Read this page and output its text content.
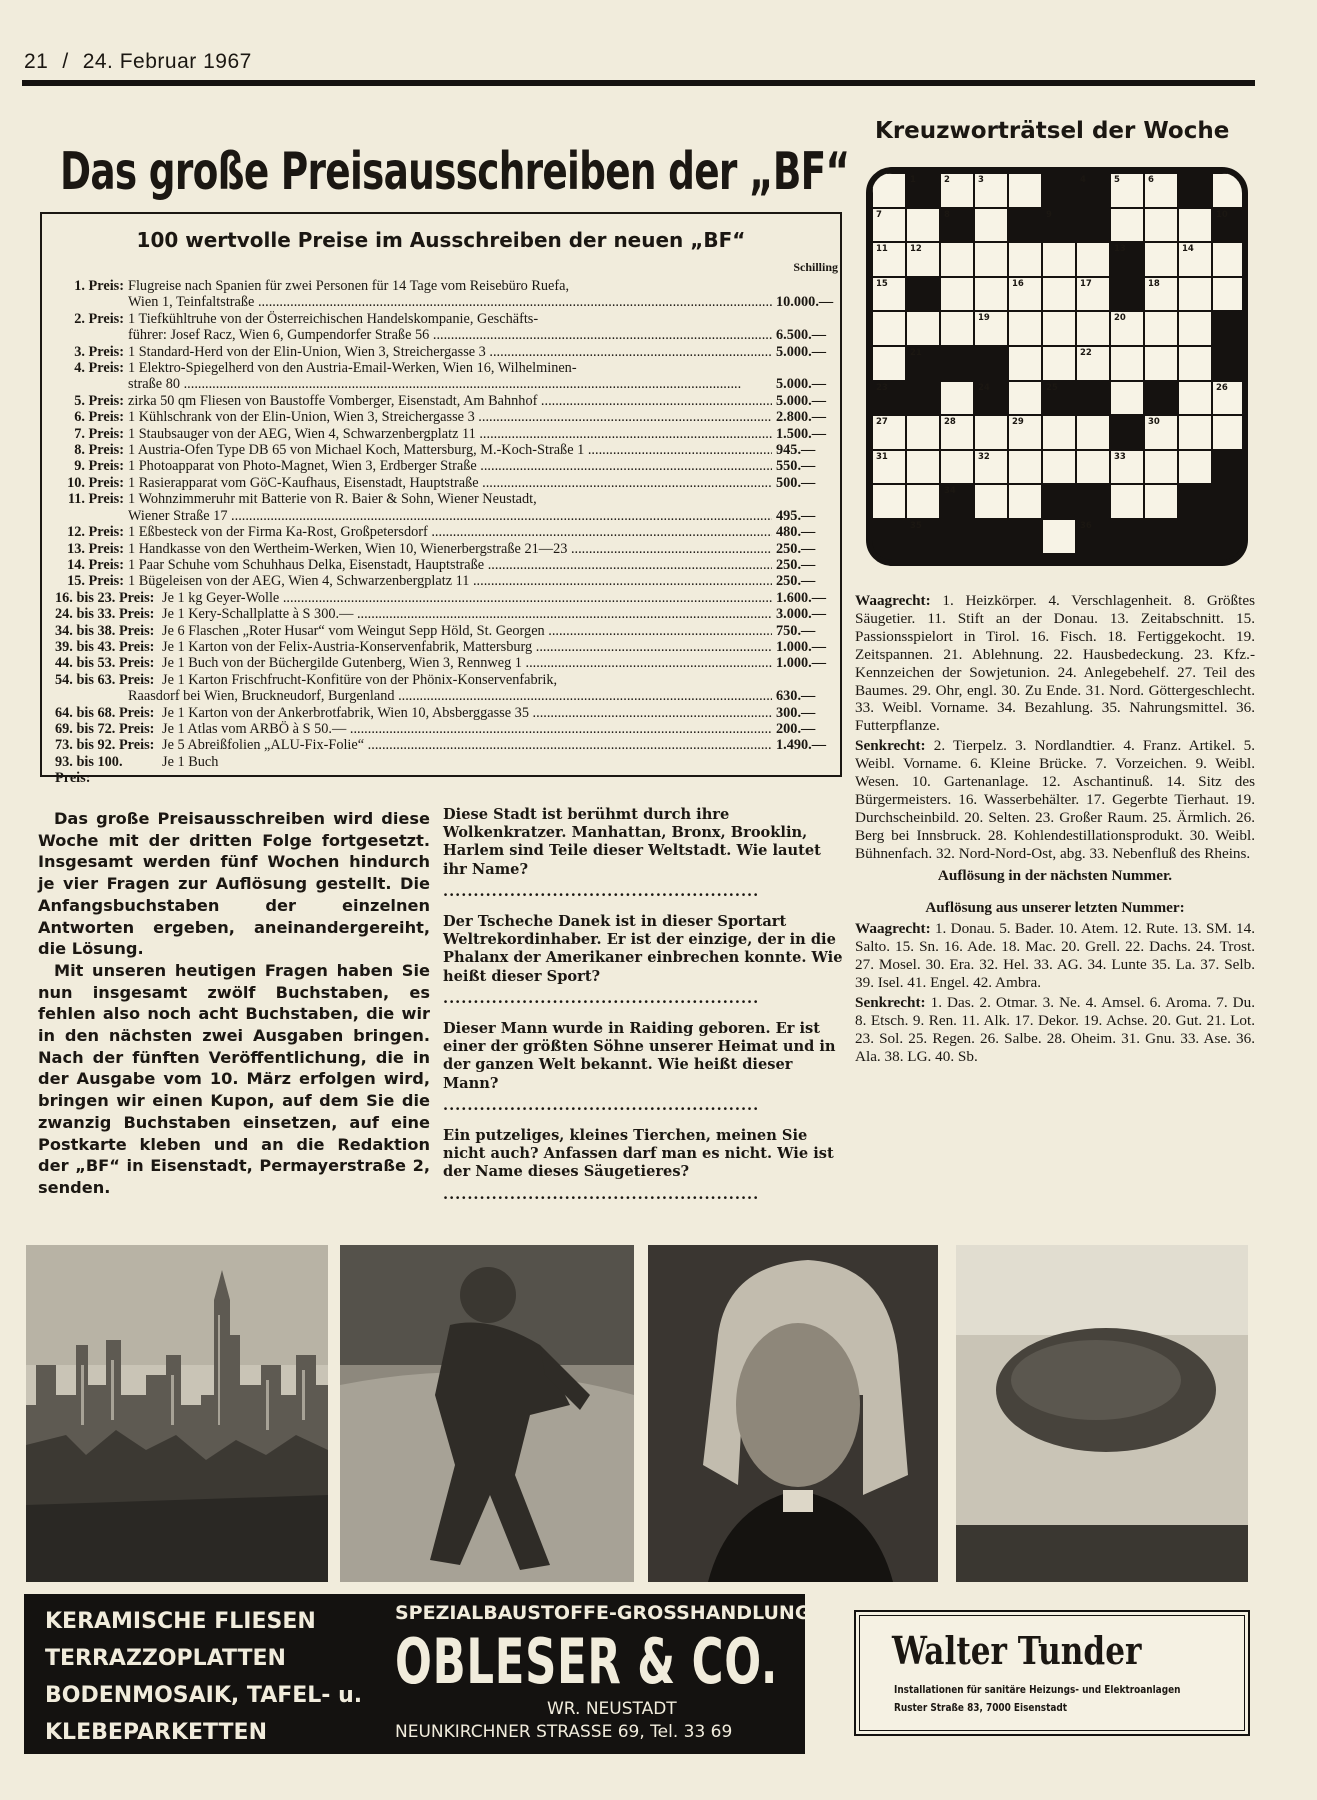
21 / 24. Februar 1967
Das große Preisausschreiben der „BF“
Kreuzworträtsel der Woche
100 wertvolle Preise im Ausschreiben der neuen „BF“
Schilling
1. Preis: Flugreise nach Spanien für zwei Personen für 14 Tage vom Reisebüro Ruefa,
Wien 1, Teinfaltstraße .....	10.000.—
2. Preis: 1 Tiefkühltruhe von der Österreichischen Handelskompanie, Geschäfts-
führer: Josef Racz, Wien 6, Gumpendorfer Straße 56 .....	6.500.—
3. Preis: 1 Standard-Herd von der Elin-Union, Wien 3, Streichergasse 3 .....	5.000.—
4. Preis: 1 Elektro-Spiegelherd von den Austria-Email-Werken, Wien 16, Wilhelminen-
straße 80 .....	5.000.—
5. Preis: zirka 50 qm Fliesen von Baustoffe Vomberger, Eisenstadt, Am Bahnhof .....	5.000.—
6. Preis: 1 Kühlschrank von der Elin-Union, Wien 3, Streichergasse 3 .....	2.800.—
7. Preis: 1 Staubsauger von der AEG, Wien 4, Schwarzenbergplatz 11 .....	1.500.—
8. Preis: 1 Austria-Ofen Type DB 65 von Michael Koch, Mattersburg, M.-Koch-Straße 1 .....	945.—
9. Preis: 1 Photoapparat von Photo-Magnet, Wien 3, Erdberger Straße .....	550.—
10. Preis: 1 Rasierapparat vom GöC-Kaufhaus, Eisenstadt, Hauptstraße .....	500.—
11. Preis: 1 Wohnzimmeruhr mit Batterie von R. Baier & Sohn, Wiener Neustadt,
Wiener Straße 17 .....	495.—
12. Preis: 1 Eßbesteck von der Firma Ka-Rost, Großpetersdorf .....	480.—
13. Preis: 1 Handkasse von den Wertheim-Werken, Wien 10, Wienerbergstraße 21—23 .....	250.—
14. Preis: 1 Paar Schuhe vom Schuhhaus Delka, Eisenstadt, Hauptstraße .....	250.—
15. Preis: 1 Bügeleisen von der AEG, Wien 4, Schwarzenbergplatz 11 .....	250.—
16. bis 23. Preis: Je 1 kg Geyer-Wolle .....	1.600.—
24. bis 33. Preis: Je 1 Kery-Schallplatte à S 300.— .....	3.000.—
34. bis 38. Preis: Je 6 Flaschen „Roter Husar“ vom Weingut Sepp Höld, St. Georgen .....	750.—
39. bis 43. Preis: Je 1 Karton von der Felix-Austria-Konservenfabrik, Mattersburg .....	1.000.—
44. bis 53. Preis: Je 1 Buch von der Büchergilde Gutenberg, Wien 3, Rennweg 1 .....	1.000.—
54. bis 63. Preis: Je 1 Karton Frischfrucht-Konfitüre von der Phönix-Konservenfabrik,
Raasdorf bei Wien, Bruckneudorf, Burgenland .....	630.—
64. bis 68. Preis: Je 1 Karton von der Ankerbrotfabrik, Wien 10, Absberggasse 35 .....	300.—
69. bis 72. Preis: Je 1 Atlas vom ARBÖ à S 50.— .....	200.—
73. bis 92. Preis: Je 5 Abreißfolien „ALU-Fix-Folie“ .....	1.490.—
93. bis 100. Preis:
Je 1 Buch

Das große Preisausschreiben wird diese Woche mit der dritten Folge fortgesetzt. Insgesamt werden fünf Wochen hindurch je vier Fragen zur Auflösung gestellt. Die Anfangsbuchstaben der einzelnen Antworten ergeben, aneinandergereiht, die Lösung.

Mit unseren heutigen Fragen haben Sie nun insgesamt zwölf Buchstaben, es fehlen also noch acht Buchstaben, die wir in den nächsten zwei Ausgaben bringen. Nach der fünften Veröffentlichung, die in der Ausgabe vom 10. März erfolgen wird, bringen wir einen Kupon, auf dem Sie die zwanzig Buchstaben einsetzen, auf eine Postkarte kleben und an die Redaktion der „BF“ in Eisenstadt, Permayerstraße 2, senden.

Diese Stadt ist berühmt durch ihre Wolkenkratzer. Manhattan, Bronx, Brooklin, Harlem sind Teile dieser Weltstadt. Wie lautet ihr Name?
....................................................
Der Tscheche Danek ist in dieser Sportart Weltrekordinhaber. Er ist der einzige, der in die Phalanx der Amerikaner einbrechen konnte. Wie heißt dieser Sport?
....................................................
Dieser Mann wurde in Raiding geboren. Er ist einer der größten Söhne unserer Heimat und in der ganzen Welt bekannt. Wie heißt dieser Mann?
....................................................
Ein putzeliges, kleines Tierchen, meinen Sie nicht auch? Anfassen darf man es nicht. Wie ist der Name dieses Säugetieres?
....................................................
1	2	3	4	5	6
7	8	9	10
11	12	13	14
15	16	17	18
19	20
21	22
23	24	25	26
27	28	29	30
31	32	33
34
35	36
Waagrecht: 1. Heizkörper. 4. Verschlagenheit. 8. Größtes Säugetier. 11. Stift an der Donau. 13. Zeitabschnitt. 15. Passionsspielort in Tirol. 16. Fisch. 18. Fertiggekocht. 19. Zeitspannen. 21. Ablehnung. 22. Hausbedeckung. 23. Kfz.-Kennzeichen der Sowjetunion. 24. Anlegebehelf. 27. Teil des Baumes. 29. Ohr, engl. 30. Zu Ende. 31. Nord. Göttergeschlecht. 33. Weibl. Vorname. 34. Bezahlung. 35. Nahrungsmittel. 36. Futterpflanze.
Senkrecht: 2. Tierpelz. 3. Nordlandtier. 4. Franz. Artikel. 5. Weibl. Vorname. 6. Kleine Brücke. 7. Vorzeichen. 9. Weibl. Wesen. 10. Gartenanlage. 12. Aschantinuß. 14. Sitz des Bürgermeisters. 16. Wasserbehälter. 17. Gegerbte Tierhaut. 19. Durchscheinbild. 20. Selten. 23. Großer Raum. 25. Ärmlich. 26. Berg bei Innsbruck. 28. Kohlendestillationsprodukt. 30. Weibl. Bühnenfach. 32. Nord-Nord-Ost, abg. 33. Nebenfluß des Rheins.
Auflösung in der nächsten Nummer.
Auflösung aus unserer letzten Nummer:
Waagrecht: 1. Donau. 5. Bader. 10. Atem. 12. Rute. 13. SM. 14. Salto. 15. Sn. 16. Ade. 18. Mac. 20. Grell. 22. Dachs. 24. Trost. 27. Mosel. 30. Era. 32. Hel. 33. AG. 34. Lunte 35. La. 37. Selb. 39. Isel. 41. Engel. 42. Ambra.
Senkrecht: 1. Das. 2. Otmar. 3. Ne. 4. Amsel. 6. Aroma. 7. Du. 8. Etsch. 9. Ren. 11. Alk. 17. Dekor. 19. Achse. 20. Gut. 21. Lot. 23. Sol. 25. Regen. 26. Salbe. 28. Oheim. 31. Gnu. 33. Ase. 36. Ala. 38. LG. 40. Sb.
KERAMISCHE FLIESEN
TERRAZZOPLATTEN
BODENMOSAIK, TAFEL- u.
KLEBEPARKETTEN
SPEZIALBAUSTOFFE-GROSSHANDLUNG
OBLESER & CO.
WR. NEUSTADT
NEUNKIRCHNER STRASSE 69, Tel. 33 69
Walter Tunder
Installationen für sanitäre Heizungs- und Elektroanlagen
Ruster Straße 83, 7000 Eisenstadt
